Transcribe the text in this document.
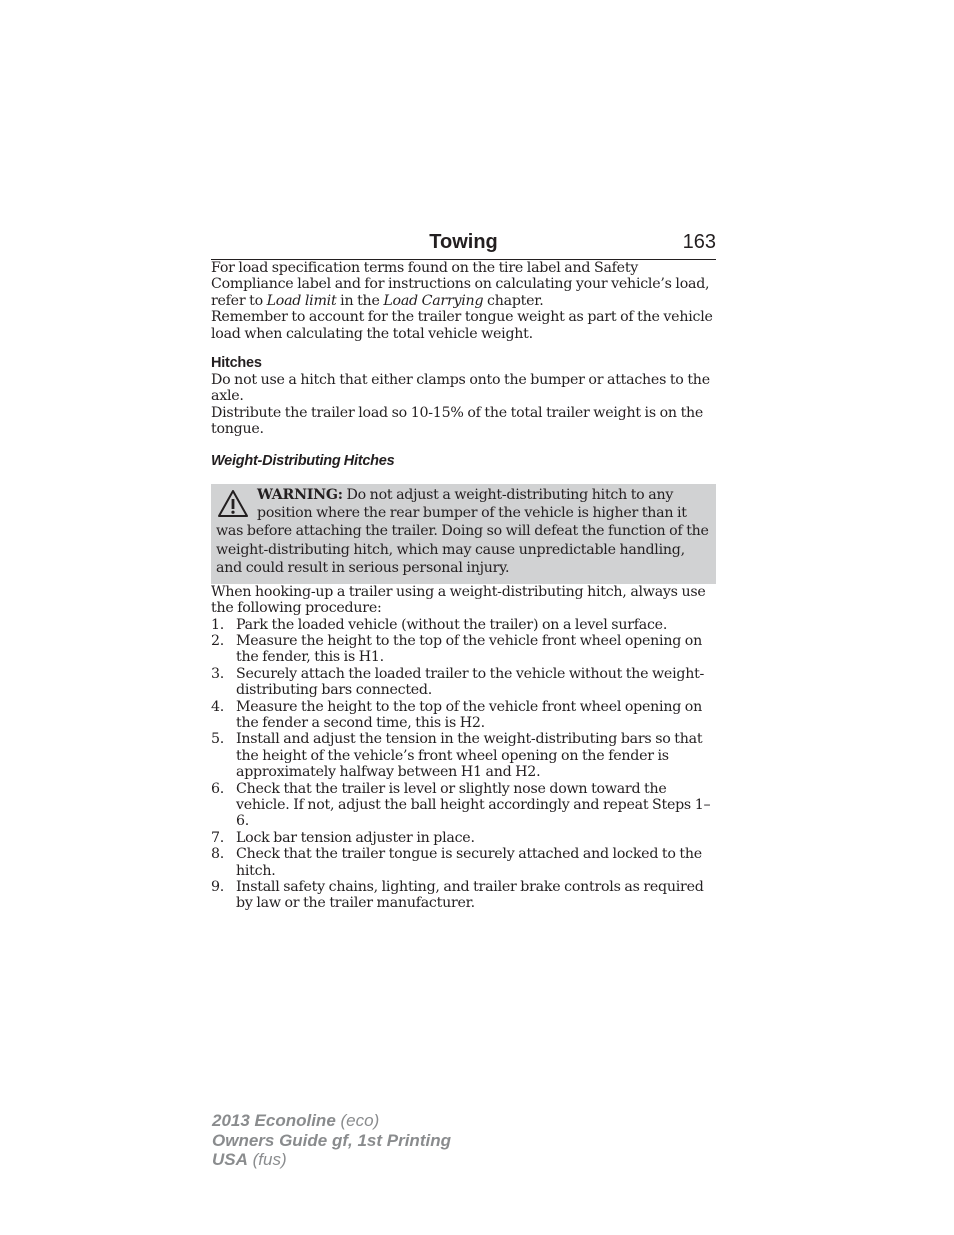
Towing	163

For load specification terms found on the tire label and Safety Compliance label and for instructions on calculating your vehicle’s load, refer to Load limit in the Load Carrying chapter.

Remember to account for the trailer tongue weight as part of the vehicle load when calculating the total vehicle weight.

Hitches

Do not use a hitch that either clamps onto the bumper or attaches to the axle.

Distribute the trailer load so 10-15% of the total trailer weight is on the tongue.

Weight-Distributing Hitches
WARNING: Do not adjust a weight-distributing hitch to any position where the rear bumper of the vehicle is higher than it was before attaching the trailer. Doing so will defeat the function of the weight-distributing hitch, which may cause unpredictable handling, and could result in serious personal injury.

When hooking-up a trailer using a weight-distributing hitch, always use the following procedure:

1. Park the loaded vehicle (without the trailer) on a level surface.
2. Measure the height to the top of the vehicle front wheel opening on the fender, this is H1.
3. Securely attach the loaded trailer to the vehicle without the weight-distributing bars connected.
4. Measure the height to the top of the vehicle front wheel opening on the fender a second time, this is H2.
5. Install and adjust the tension in the weight-distributing bars so that the height of the vehicle’s front wheel opening on the fender is approximately halfway between H1 and H2.
6. Check that the trailer is level or slightly nose down toward the vehicle. If not, adjust the ball height accordingly and repeat Steps 1–6.
7. Lock bar tension adjuster in place.
8. Check that the trailer tongue is securely attached and locked to the hitch.
9. Install safety chains, lighting, and trailer brake controls as required by law or the trailer manufacturer.
2013 Econoline (eco)
Owners Guide gf, 1st Printing
USA (fus)
